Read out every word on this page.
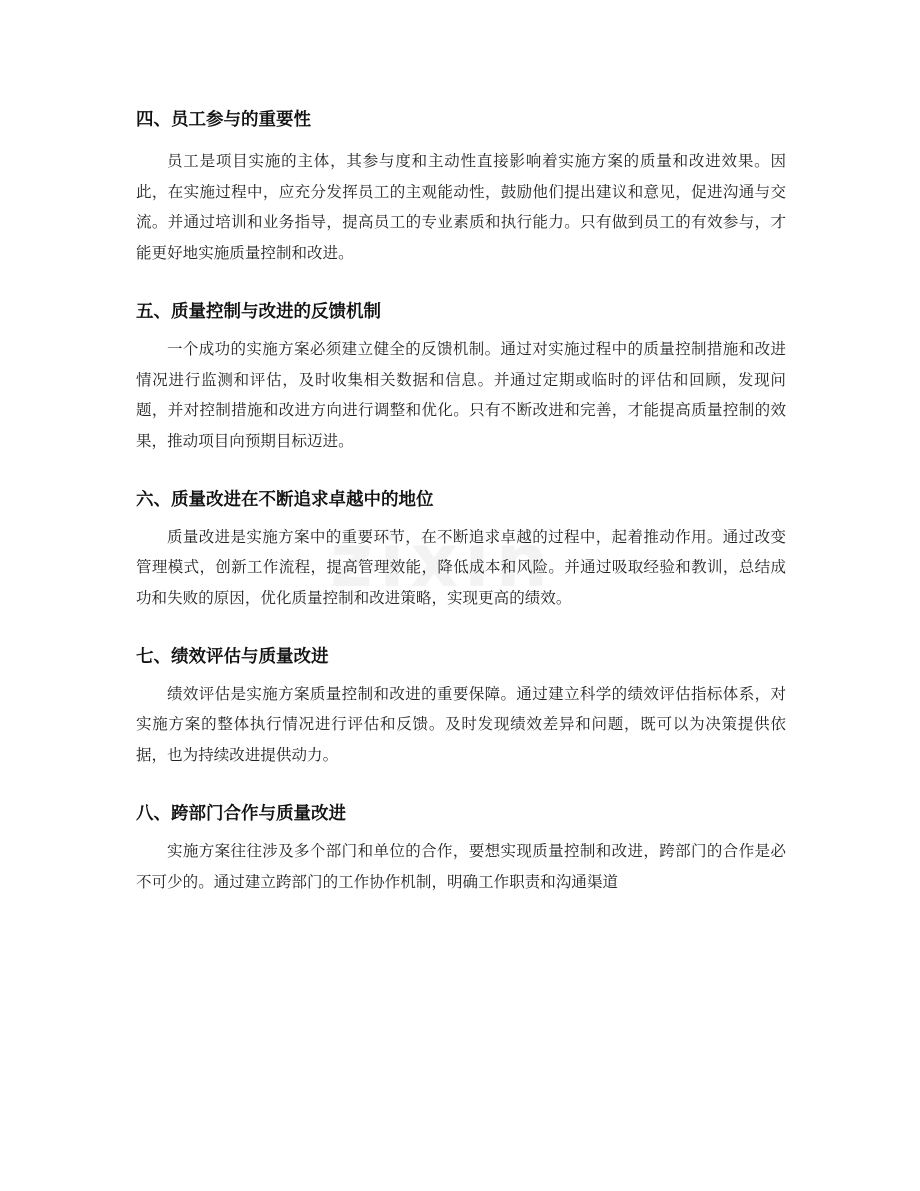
四、员工参与的重要性

员工是项目实施的主体，其参与度和主动性直接影响着实施方案的质量和改进效果。因此，在实施过程中，应充分发挥员工的主观能动性，鼓励他们提出建议和意见，促进沟通与交流。并通过培训和业务指导，提高员工的专业素质和执行能力。只有做到员工的有效参与，才能更好地实施质量控制和改进。

五、质量控制与改进的反馈机制

一个成功的实施方案必须建立健全的反馈机制。通过对实施过程中的质量控制措施和改进情况进行监测和评估，及时收集相关数据和信息。并通过定期或临时的评估和回顾，发现问题，并对控制措施和改进方向进行调整和优化。只有不断改进和完善，才能提高质量控制的效果，推动项目向预期目标迈进。

六、质量改进在不断追求卓越中的地位

质量改进是实施方案中的重要环节，在不断追求卓越的过程中，起着推动作用。通过改变管理模式，创新工作流程，提高管理效能，降低成本和风险。并通过吸取经验和教训，总结成功和失败的原因，优化质量控制和改进策略，实现更高的绩效。

七、绩效评估与质量改进

绩效评估是实施方案质量控制和改进的重要保障。通过建立科学的绩效评估指标体系，对实施方案的整体执行情况进行评估和反馈。及时发现绩效差异和问题，既可以为决策提供依据，也为持续改进提供动力。

八、跨部门合作与质量改进

实施方案往往涉及多个部门和单位的合作，要想实现质量控制和改进，跨部门的合作是必不可少的。通过建立跨部门的工作协作机制，明确工作职责和沟通渠道
